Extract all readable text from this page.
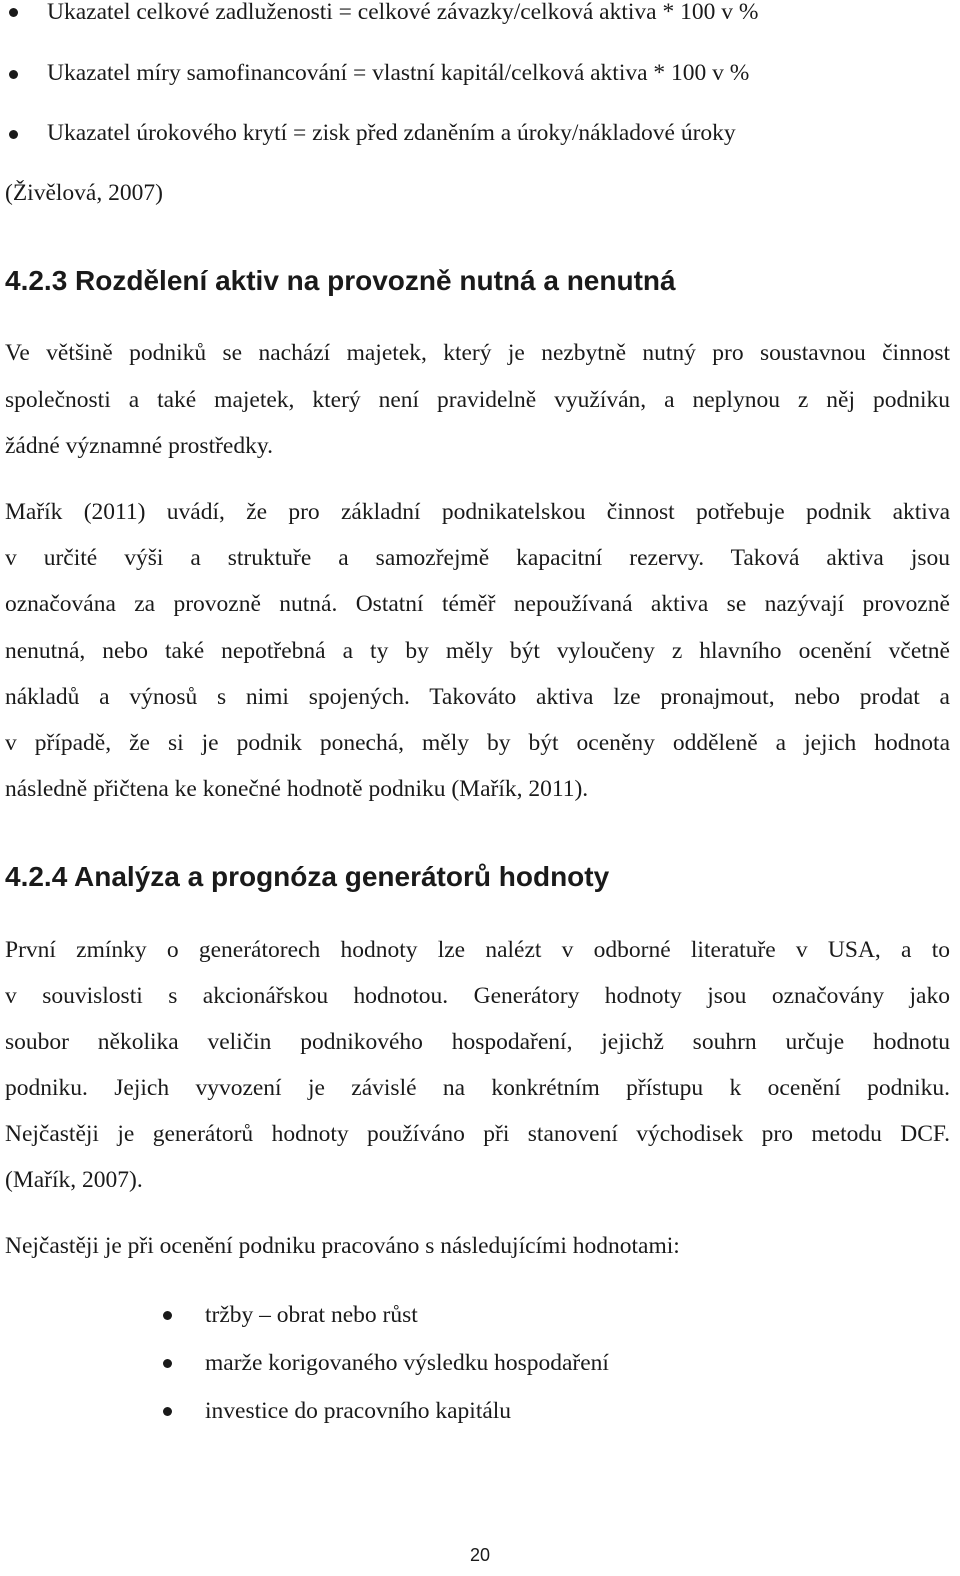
Ukazatel celkové zadluženosti = celkové závazky/celková aktiva * 100 v %
Ukazatel míry samofinancování = vlastní kapitál/celková aktiva * 100 v %
Ukazatel úrokového krytí = zisk před zdaněním a úroky/nákladové úroky
(Živělová, 2007)
4.2.3 Rozdělení aktiv na provozně nutná a nenutná
Ve většině podniků se nachází majetek, který je nezbytně nutný pro soustavnou činnost
společnosti a také majetek, který není pravidelně využíván, a neplynou z něj podniku
žádné významné prostředky.
Mařík (2011) uvádí, že pro základní podnikatelskou činnost potřebuje podnik aktiva
v určité výši a struktuře a samozřejmě kapacitní rezervy. Taková aktiva jsou
označována za provozně nutná. Ostatní téměř nepoužívaná aktiva se nazývají provozně
nenutná, nebo také nepotřebná a ty by měly být vyloučeny z hlavního ocenění včetně
nákladů a výnosů s nimi spojených. Takováto aktiva lze pronajmout, nebo prodat a
v případě, že si je podnik ponechá, měly by být oceněny odděleně a jejich hodnota
následně přičtena ke konečné hodnotě podniku (Mařík, 2011).
4.2.4 Analýza a prognóza generátorů hodnoty
První zmínky o generátorech hodnoty lze nalézt v odborné literatuře v USA, a to
v souvislosti s akcionářskou hodnotou. Generátory hodnoty jsou označovány jako
soubor několika veličin podnikového hospodaření, jejichž souhrn určuje hodnotu
podniku. Jejich vyvození je závislé na konkrétním přístupu k ocenění podniku.
Nejčastěji je generátorů hodnoty používáno při stanovení východisek pro metodu DCF.
(Mařík, 2007).
Nejčastěji je při ocenění podniku pracováno s následujícími hodnotami:
tržby – obrat nebo růst
marže korigovaného výsledku hospodaření
investice do pracovního kapitálu
20
